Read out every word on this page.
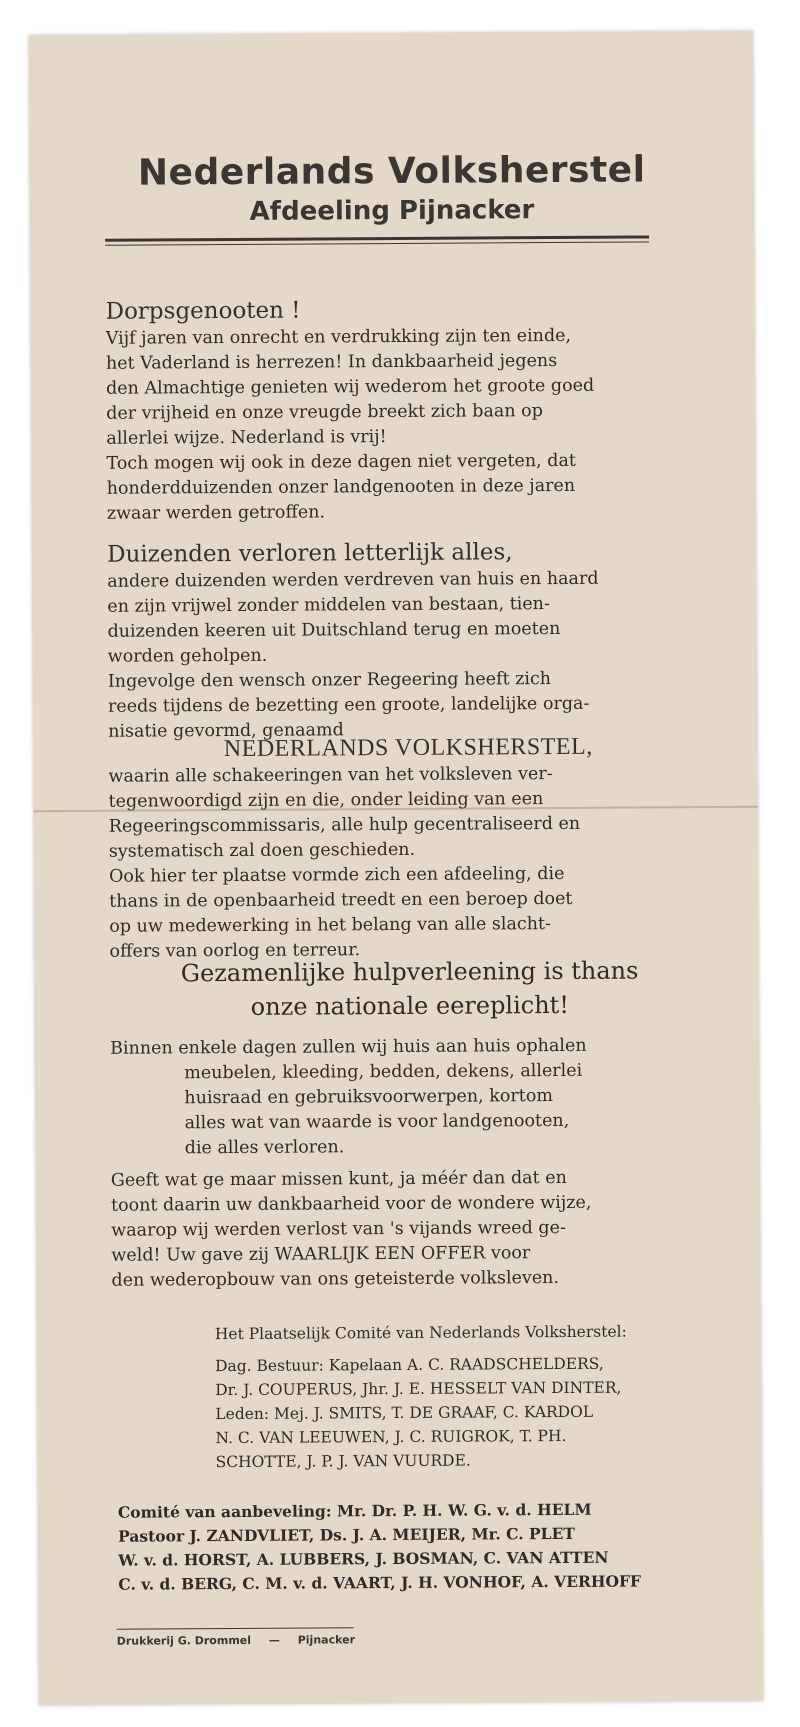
Nederlands Volksherstel
Afdeeling Pijnacker
Dorpsgenooten !
Vijf jaren van onrecht en verdrukking zijn ten einde,
het Vaderland is herrezen! In dankbaarheid jegens
den Almachtige genieten wij wederom het groote goed
der vrijheid en onze vreugde breekt zich baan op
allerlei wijze. Nederland is vrij!
Toch mogen wij ook in deze dagen niet vergeten, dat
honderdduizenden onzer landgenooten in deze jaren
zwaar werden getroffen.
Duizenden verloren letterlijk alles,
andere duizenden werden verdreven van huis en haard
en zijn vrijwel zonder middelen van bestaan, tien-
duizenden keeren uit Duitschland terug en moeten
worden geholpen.
Ingevolge den wensch onzer Regeering heeft zich
reeds tijdens de bezetting een groote, landelijke orga-
nisatie gevormd, genaamd
NEDERLANDS VOLKSHERSTEL,
waarin alle schakeeringen van het volksleven ver-
tegenwoordigd zijn en die, onder leiding van een
Regeeringscommissaris, alle hulp gecentraliseerd en
systematisch zal doen geschieden.
Ook hier ter plaatse vormde zich een afdeeling, die
thans in de openbaarheid treedt en een beroep doet
op uw medewerking in het belang van alle slacht-
offers van oorlog en terreur.
Gezamenlijke hulpverleening is thans
onze nationale eereplicht!
Binnen enkele dagen zullen wij huis aan huis ophalen
meubelen, kleeding, bedden, dekens, allerlei
huisraad en gebruiksvoorwerpen, kortom
alles wat van waarde is voor landgenooten,
die alles verloren.
Geeft wat ge maar missen kunt, ja méér dan dat en
toont daarin uw dankbaarheid voor de wondere wijze,
waarop wij werden verlost van 's vijands wreed ge-
weld! Uw gave zij WAARLIJK EEN OFFER voor
den wederopbouw van ons geteisterde volksleven.
Het Plaatselijk Comité van Nederlands Volksherstel:
Dag. Bestuur: Kapelaan A. C. RAADSCHELDERS,
Dr. J. COUPERUS, Jhr. J. E. HESSELT VAN DINTER,
Leden: Mej. J. SMITS, T. DE GRAAF, C. KARDOL
N. C. VAN LEEUWEN, J. C. RUIGROK, T. PH.
SCHOTTE, J. P. J. VAN VUURDE.
Comité van aanbeveling: Mr. Dr. P. H. W. G. v. d. HELM
Pastoor J. ZANDVLIET, Ds. J. A. MEIJER, Mr. C. PLET
W. v. d. HORST, A. LUBBERS, J. BOSMAN, C. VAN ATTEN
C. v. d. BERG, C. M. v. d. VAART, J. H. VONHOF, A. VERHOFF
Drukkerij G. Drommel — Pijnacker
